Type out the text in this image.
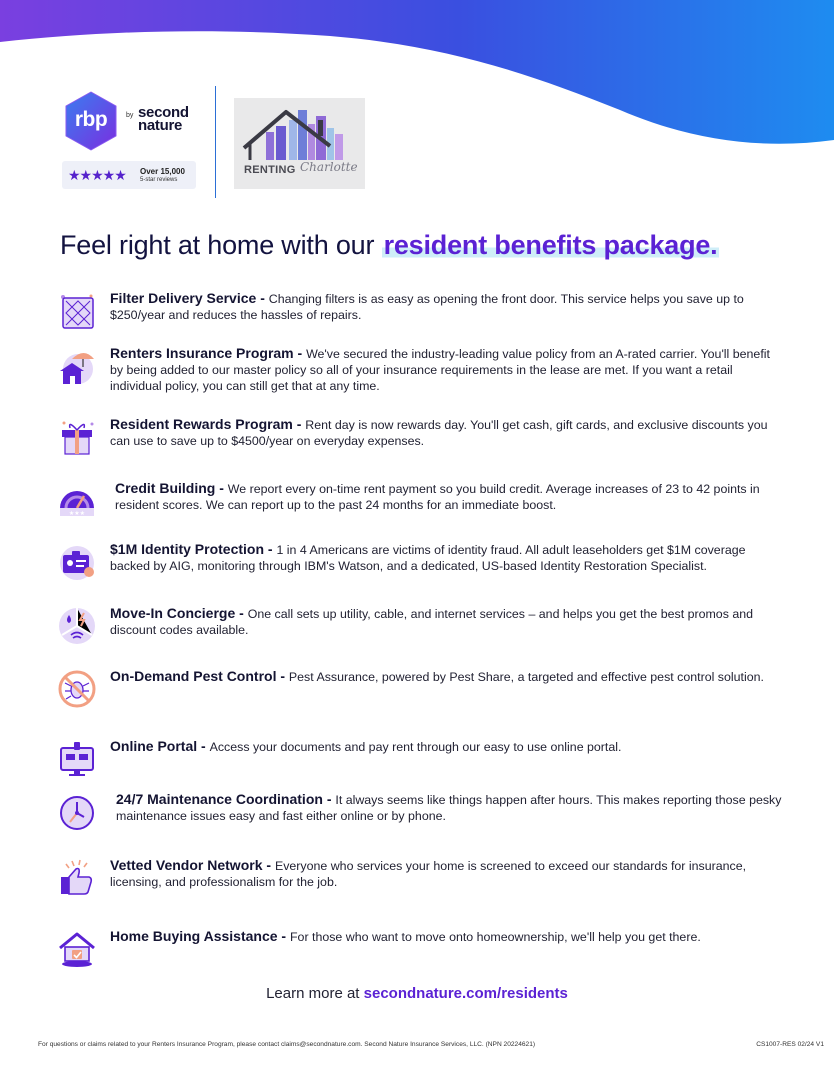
rbp	by second
nature
★★★★★ Over 15,000
5-star reviews
RENTING Charlotte
Feel right at home with our resident benefits package.
Filter Delivery Service - Changing filters is as easy as opening the front door. This service helps you save up to $250/year and reduces the hassles of repairs.
Renters Insurance Program - We've secured the industry-leading value policy from an A-rated carrier. You'll benefit by being added to our master policy so all of your insurance requirements in the lease are met. If you want a retail individual policy, you can still get that at any time.
Resident Rewards Program - Rent day is now rewards day. You'll get cash, gift cards, and exclusive discounts you can use to save up to $4500/year on everyday expenses.
★★★
Credit Building - We report every on-time rent payment so you build credit. Average increases of 23 to 42 points in resident scores. We can report up to the past 24 months for an immediate boost.
$1M Identity Protection - 1 in 4 Americans are victims of identity fraud. All adult leaseholders get $1M coverage backed by AIG, monitoring through IBM's Watson, and a dedicated, US-based Identity Restoration Specialist.
Move-In Concierge - One call sets up utility, cable, and internet services – and helps you get the best promos and discount codes available.
On-Demand Pest Control - Pest Assurance, powered by Pest Share, a targeted and effective pest control solution.
Online Portal - Access your documents and pay rent through our easy to use online portal.
24/7 Maintenance Coordination - It always seems like things happen after hours. This makes reporting those pesky maintenance issues easy and fast either online or by phone.
Vetted Vendor Network - Everyone who services your home is screened to exceed our standards for insurance, licensing, and professionalism for the job.
Home Buying Assistance - For those who want to move onto homeownership, we'll help you get there.
Learn more at secondnature.com/residents
For questions or claims related to your Renters Insurance Program, please contact claims@secondnature.com. Second Nature Insurance Services, LLC. (NPN 20224621)	CS1007-RES 02/24 V1
